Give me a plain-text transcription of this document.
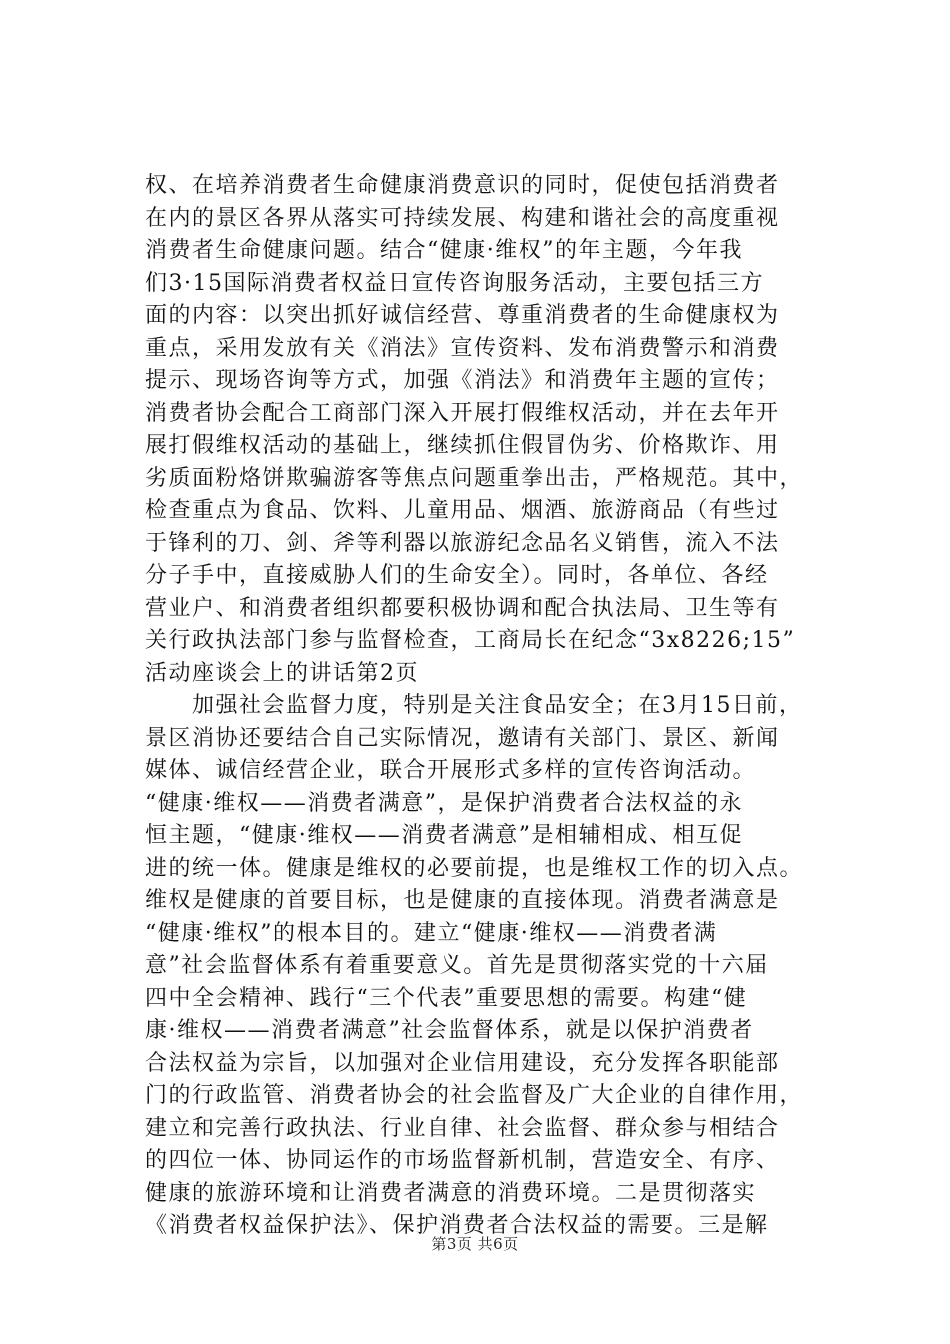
权、在培养消费者生命健康消费意识的同时，促使包括消费者
在内的景区各界从落实可持续发展、构建和谐社会的高度重视
消费者生命健康问题。结合“健康·维权”的年主题，今年我
们3·15国际消费者权益日宣传咨询服务活动，主要包括三方
面的内容：以突出抓好诚信经营、尊重消费者的生命健康权为
重点，采用发放有关《消法》宣传资料、发布消费警示和消费
提示、现场咨询等方式，加强《消法》和消费年主题的宣传；
消费者协会配合工商部门深入开展打假维权活动，并在去年开
展打假维权活动的基础上，继续抓住假冒伪劣、价格欺诈、用
劣质面粉烙饼欺骗游客等焦点问题重拳出击，严格规范。其中，
检查重点为食品、饮料、儿童用品、烟酒、旅游商品（有些过
于锋利的刀、剑、斧等利器以旅游纪念品名义销售，流入不法
分子手中，直接威胁人们的生命安全）。同时，各单位、各经
营业户、和消费者组织都要积极协调和配合执法局、卫生等有
关行政执法部门参与监督检查，工商局长在纪念“3x8226;15”
活动座谈会上的讲话第2页
　　加强社会监督力度，特别是关注食品安全；在3月15日前，
景区消协还要结合自己实际情况，邀请有关部门、景区、新闻
媒体、诚信经营企业，联合开展形式多样的宣传咨询活动。
“健康·维权——消费者满意”，是保护消费者合法权益的永
恒主题，“健康·维权——消费者满意”是相辅相成、相互促
进的统一体。健康是维权的必要前提，也是维权工作的切入点。
维权是健康的首要目标，也是健康的直接体现。消费者满意是
“健康·维权”的根本目的。建立“健康·维权——消费者满
意”社会监督体系有着重要意义。首先是贯彻落实党的十六届
四中全会精神、践行“三个代表”重要思想的需要。构建“健
康·维权——消费者满意”社会监督体系，就是以保护消费者
合法权益为宗旨，以加强对企业信用建设，充分发挥各职能部
门的行政监管、消费者协会的社会监督及广大企业的自律作用，
建立和完善行政执法、行业自律、社会监督、群众参与相结合
的四位一体、协同运作的市场监督新机制，营造安全、有序、
健康的旅游环境和让消费者满意的消费环境。二是贯彻落实
《消费者权益保护法》、保护消费者合法权益的需要。三是解
第3页 共6页
